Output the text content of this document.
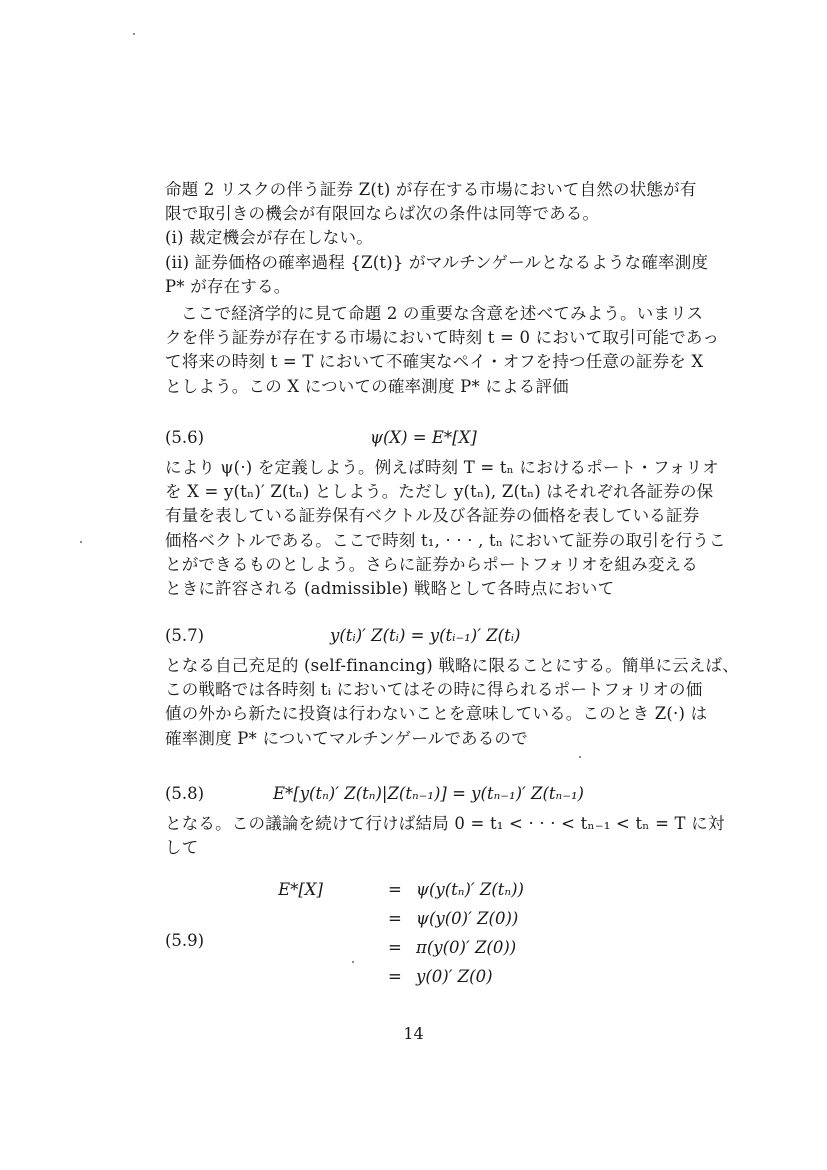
命題 2 リスクの伴う証券 Z(t) が存在する市場において自然の状態が有
限で取引きの機会が有限回ならば次の条件は同等である。
(i) 裁定機会が存在しない。
(ii) 証券価格の確率過程 {Z(t)} がマルチンゲールとなるような確率測度
P* が存在する。
ここで経済学的に見て命題 2 の重要な含意を述べてみよう。いまリス
クを伴う証券が存在する市場において時刻 t = 0 において取引可能であっ
て将来の時刻 t = T において不確実なペイ・オフを持つ任意の証券を X
としよう。この X についての確率測度 P* による評価
(5.6)	ψ(X) = E*[X]
により ψ(·) を定義しよう。例えば時刻 T = tₙ におけるポート・フォリオ
を X = y(tₙ)′ Z(tₙ) としよう。ただし y(tₙ), Z(tₙ) はそれぞれ各証券の保
有量を表している証券保有ベクトル及び各証券の価格を表している証券
価格ベクトルである。ここで時刻 t₁, · · · , tₙ において証券の取引を行うこ
とができるものとしよう。さらに証券からポートフォリオを組み変える
ときに許容される (admissible) 戦略として各時点において
(5.7)	y(tᵢ)′ Z(tᵢ) = y(tᵢ₋₁)′ Z(tᵢ)
となる自己充足的 (self-financing) 戦略に限ることにする。簡単に云えば、
この戦略では各時刻 tᵢ においてはその時に得られるポートフォリオの価
値の外から新たに投資は行わないことを意味している。このとき Z(·) は
確率測度 P* についてマルチンゲールであるので
(5.8)	E*[y(tₙ)′ Z(tₙ)|Z(tₙ₋₁)] = y(tₙ₋₁)′ Z(tₙ₋₁)
となる。この議論を続けて行けば結局 0 = t₁ < · · · < tₙ₋₁ < tₙ = T に対
して
(5.9)
E*[X]	= ψ(y(tₙ)′ Z(tₙ))
= ψ(y(0)′ Z(0))
= π(y(0)′ Z(0))
= y(0)′ Z(0)
14
